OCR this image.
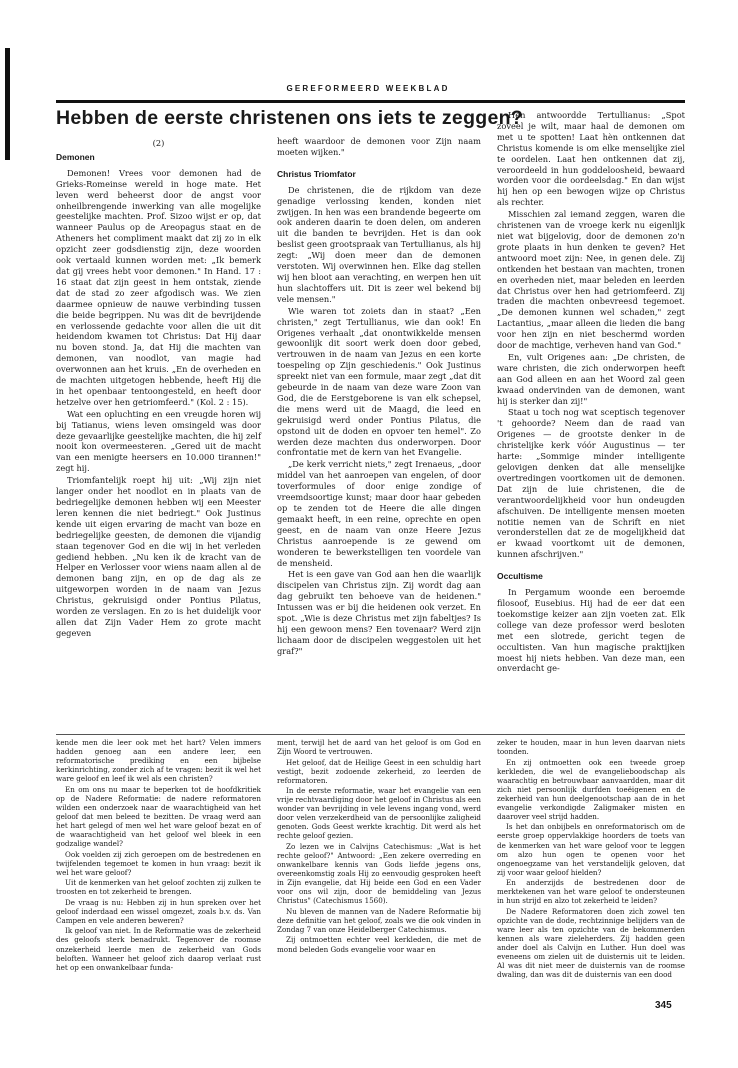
GEREFORMEERD WEEKBLAD
Hebben de eerste christenen ons iets te zeggen?

(2)

Demonen

Demonen! Vrees voor demonen had de Grieks-Romeinse wereld in hoge mate. Het leven werd beheerst door de angst voor onheilbrengende inwerking van alle mogelijke geestelijke machten. Prof. Sizoo wijst er op, dat wanneer Paulus op de Areopagus staat en de Atheners het compliment maakt dat zij zo in elk opzicht zeer godsdienstig zijn, deze woorden ook vertaald kunnen worden met: „Ik bemerk dat gij vrees hebt voor demonen." In Hand. 17 : 16 staat dat zijn geest in hem ontstak, ziende dat de stad zo zeer afgodisch was. We zien daarmee opnieuw de nauwe verbinding tussen die beide begrippen. Nu was dit de bevrijdende en verlossende gedachte voor allen die uit dit heidendom kwamen tot Christus: Dat Hij daar nu boven stond. Ja, dat Hij die machten van demonen, van noodlot, van magie had overwonnen aan het kruis. „En de overheden en de machten uitgetogen hebbende, heeft Hij die in het openbaar tentoongesteld, en heeft door hetzelve over hen getriomfeerd." (Kol. 2 : 15).

Wat een opluchting en een vreugde horen wij bij Tatianus, wiens leven omsingeld was door deze gevaarlijke geestelijke machten, die hij zelf nooit kon overmeesteren. „Gered uit de macht van een menigte heersers en 10.000 tirannen!" zegt hij.

Triomfantelijk roept hij uit: „Wij zijn niet langer onder het noodlot en in plaats van de bedriegelijke demonen hebben wij een Meester leren kennen die niet bedriegt." Ook Justinus kende uit eigen ervaring de macht van boze en bedriegelijke geesten, de demonen die vijandig staan tegenover God en die wij in het verleden gediend hebben. „Nu ken ik de kracht van de Helper en Verlosser voor wiens naam allen al de demonen bang zijn, en op de dag als ze uitgeworpen worden in de naam van Jezus Christus, gekruisigd onder Pontius Pilatus, worden ze verslagen. En zo is het duidelijk voor allen dat Zijn Vader Hem zo grote macht gegeven

heeft waardoor de demonen voor Zijn naam moeten wijken."

Christus Triomfator

De christenen, die de rijkdom van deze genadige verlossing kenden, konden niet zwijgen. In hen was een brandende begeerte om ook anderen daarin te doen delen, om anderen uit die banden te bevrijden. Het is dan ook beslist geen grootspraak van Tertullianus, als hij zegt: „Wij doen meer dan de demonen verstoten. Wij overwinnen hen. Elke dag stellen wij hen bloot aan verachting, en werpen hen uit hun slachtoffers uit. Dit is zeer wel bekend bij vele mensen."

Wie waren tot zoiets dan in staat? „Een christen," zegt Tertullianus, wie dan ook! En Origenes verhaalt „dat onontwikkelde mensen gewoonlijk dit soort werk doen door gebed, vertrouwen in de naam van Jezus en een korte toespeling op Zijn geschiedenis." Ook Justinus spreekt niet van een formule, maar zegt „dat dit gebeurde in de naam van deze ware Zoon van God, die de Eerstgeborene is van elk schepsel, die mens werd uit de Maagd, die leed en gekruisigd werd onder Pontius Pilatus, die opstond uit de doden en opvoer ten hemel". Zo werden deze machten dus onderworpen. Door confrontatie met de kern van het Evangelie.

„De kerk verricht niets," zegt Irenaeus, „door middel van het aanroepen van engelen, of door toverformules of door enige zondige of vreemdsoortige kunst; maar door haar gebeden op te zenden tot de Heere die alle dingen gemaakt heeft, in een reine, oprechte en open geest, en de naam van onze Heere Jezus Christus aanroepende is ze gewend om wonderen te bewerkstelligen ten voordele van de mensheid.

Het is een gave van God aan hen die waarlijk discipelen van Christus zijn. Zij wordt dag aan dag gebruikt ten behoeve van de heidenen." Intussen was er bij die heidenen ook verzet. En spot. „Wie is deze Christus met zijn fabeltjes? Is hij een gewoon mens? Een tovenaar? Werd zijn lichaam door de discipelen weggestolen uit het graf?"

Hen antwoordde Tertullianus: „Spot zoveel je wilt, maar haal de demonen om met u te spotten! Laat hèn ontkennen dat Christus komende is om elke menselijke ziel te oordelen. Laat hen ontkennen dat zij, veroordeeld in hun goddeloosheid, bewaard worden voor die oordeelsdag." En dan wijst hij hen op een bewogen wijze op Christus als rechter.

Misschien zal iemand zeggen, waren die christenen van de vroege kerk nu eigenlijk niet wat bijgelovig, door de demonen zo'n grote plaats in hun denken te geven? Het antwoord moet zijn: Nee, in genen dele. Zij ontkenden het bestaan van machten, tronen en overheden niet, maar beleden en leerden dat Christus over hen had getriomfeerd. Zij traden die machten onbevreesd tegemoet. „De demonen kunnen wel schaden," zegt Lactantius, „maar alleen die lieden die bang voor hen zijn en niet beschermd worden door de machtige, verheven hand van God."

En, vult Origenes aan: „De christen, de ware christen, die zich onderworpen heeft aan God alleen en aan het Woord zal geen kwaad ondervinden van de demonen, want hij is sterker dan zij!"

Staat u toch nog wat sceptisch tegenover 't gehoorde? Neem dan de raad van Origenes — de grootste denker in de christelijke kerk vóór Augustinus — ter harte: „Sommige minder intelligente gelovigen denken dat alle menselijke overtredingen voortkomen uit de demonen. Dat zijn de luie christenen, die de verantwoordelijkheid voor hun ondeugden afschuiven. De intelligente mensen moeten notitie nemen van de Schrift en niet veronderstellen dat ze de mogelijkheid dat er kwaad voortkomt uit de demonen, kunnen afschrijven."

Occultisme

In Pergamum woonde een beroemde filosoof, Eusebius. Hij had de eer dat een toekomstige keizer aan zijn voeten zat. Elk college van deze professor werd besloten met een slotrede, gericht tegen de occultisten. Van hun magische praktijken moest hij niets hebben. Van deze man, een onverdacht ge-

kende men die leer ook met het hart? Velen immers hadden genoeg aan een andere leer, een reformatorische prediking en een bijbelse kerkinrichting, zonder zich af te vragen: bezit ik wel het ware geloof en leef ik wel als een christen?

En om ons nu maar te beperken tot de hoofdkritiek op de Nadere Reformatie: de nadere reformatoren wilden een onderzoek naar de waarachtigheid van het geloof dat men beleed te bezitten. De vraag werd aan het hart gelegd of men wel het ware geloof bezat en of de waarachtigheid van het geloof wel bleek in een godzalige wandel?

Ook voelden zij zich geroepen om de bestredenen en twijfelenden tegemoet te komen in hun vraag: bezit ik wel het ware geloof?

Uit de kenmerken van het geloof zochten zij zulken te troosten en tot zekerheid te brengen.

De vraag is nu: Hebben zij in hun spreken over het geloof inderdaad een wissel omgezet, zoals b.v. ds. Van Campen en vele anderen beweren?

Ik geloof van niet. In de Reformatie was de zekerheid des geloofs sterk benadrukt. Tegenover de roomse onzekerheid leerde men de zekerheid van Gods beloften. Wanneer het geloof zich daarop verlaat rust het op een onwankelbaar funda-

ment, terwijl het de aard van het geloof is om God en Zijn Woord te vertrouwen.

Het geloof, dat de Heilige Geest in een schuldig hart vestigt, bezit zodoende zekerheid, zo leerden de reformatoren.

In de eerste reformatie, waar het evangelie van een vrije rechtvaardiging door het geloof in Christus als een wonder van bevrijding in vele levens ingang vond, werd door velen verzekerdheid van de persoonlijke zaligheid genoten. Gods Geest werkte krachtig. Dit werd als het rechte geloof gezien.

Zo lezen we in Calvijns Catechismus: „Wat is het rechte geloof?" Antwoord: „Een zekere overreding en onwankelbare kennis van Gods liefde jegens ons, overeenkomstig zoals Hij zo eenvoudig gesproken heeft in Zijn evangelie, dat Hij beide een God en een Vader voor ons wil zijn, door de bemiddeling van Jezus Christus" (Catechismus 1560).

Nu bleven de mannen van de Nadere Reformatie bij deze definitie van het geloof, zoals we die ook vinden in Zondag 7 van onze Heidelberger Catechismus.

Zij ontmoetten echter veel kerkleden, die met de mond beleden Gods evangelie voor waar en

zeker te houden, maar in hun leven daarvan niets toonden.

En zij ontmoetten ook een tweede groep kerkleden, die wel de evangelieboodschap als waarachtig en betrouwbaar aanvaardden, maar dit zich niet persoonlijk durfden toeëigenen en de zekerheid van hun deelgenootschap aan de in het evangelie verkondigde Zaligmaker misten en daarover veel strijd hadden.

Is het dan onbijbels en onreformatorisch om de eerste groep oppervlakkige hoorders de toets van de kenmerken van het ware geloof voor te leggen om alzo hun ogen te openen voor het ongenoegzame van het verstandelijk geloven, dat zij voor waar geloof hielden?

En anderzijds de bestredenen door de merktekenen van het ware geloof te ondersteunen in hun strijd en alzo tot zekerheid te leiden?

De Nadere Reformatoren doen zich zowel ten opzichte van de dode, rechtzinnige belijders van de ware leer als ten opzichte van de bekommerden kennen als ware zieleherders. Zij hadden geen ander doel als Calvijn en Luther. Hun doel was eveneens om zielen uit de duisternis uit te leiden. Al was dit niet meer de duisternis van de roomse dwaling, dan was dit de duisternis van een dood

345
